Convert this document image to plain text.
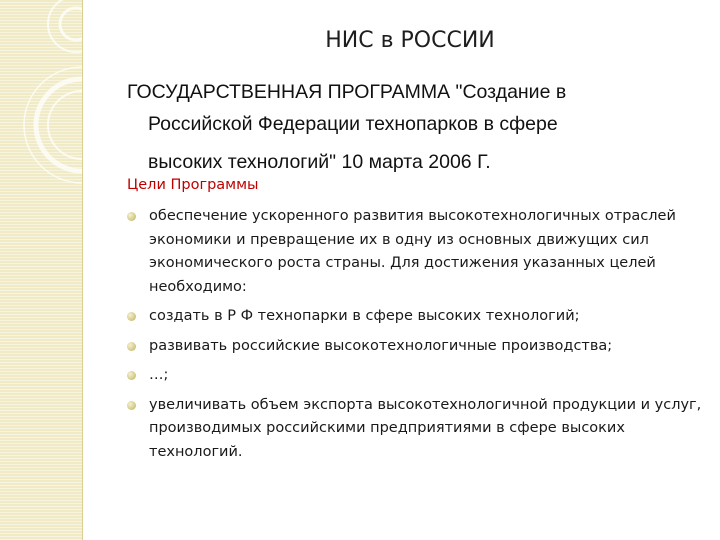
НИС в РОССИИ
ГОСУДАРСТВЕННАЯ ПРОГРАММА "Создание в
Российской Федерации технопарков в сфере
высоких технологий" 10 марта 2006 Г.
Цели Программы
обеспечение ускоренного развития высокотехнологичных отраслей экономики и превращение их в одну из основных движущих сил экономического роста страны. Для достижения указанных целей необходимо:
создать в Р Ф технопарки в сфере высоких технологий;
развивать российские высокотехнологичные производства;
…;
увеличивать объем экспорта высокотехнологичной продукции и услуг, производимых российскими предприятиями в сфере высоких технологий.
